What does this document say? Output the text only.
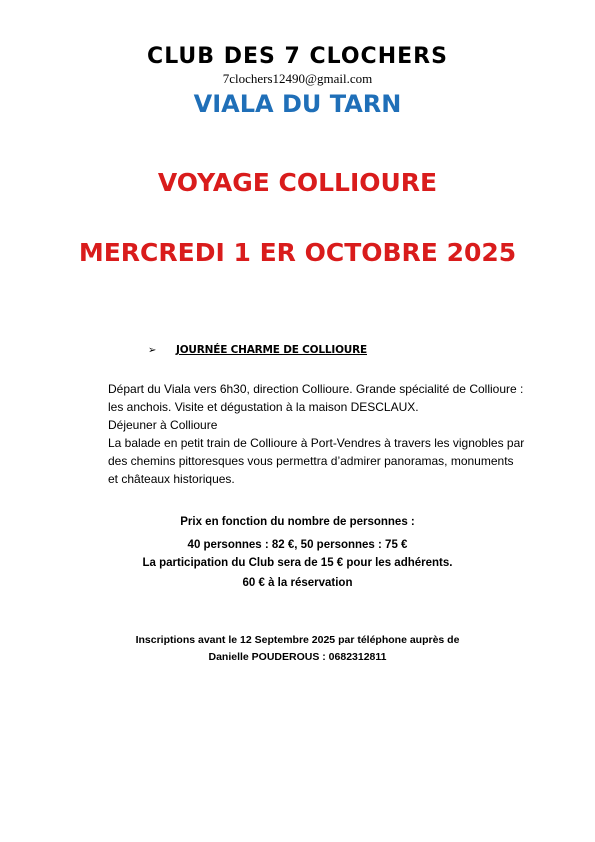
CLUB DES 7 CLOCHERS
7clochers12490@gmail.com
VIALA DU TARN
VOYAGE COLLIOURE
MERCREDI 1 ER OCTOBRE 2025
➢ JOURNÉE CHARME DE COLLIOURE

Départ du Viala vers 6h30, direction Collioure. Grande spécialité de Collioure :

les anchois. Visite et dégustation à la maison DESCLAUX.

Déjeuner à Collioure

La balade en petit train de Collioure à Port-Vendres à travers les vignobles par

des chemins pittoresques vous permettra d’admirer panoramas, monuments

et châteaux historiques.

Prix en fonction du nombre de personnes :
40 personnes : 82 €, 50 personnes : 75 €
La participation du Club sera de 15 € pour les adhérents.
60 € à la réservation
Inscriptions avant le 12 Septembre 2025 par téléphone auprès de
Danielle POUDEROUS : 0682312811
